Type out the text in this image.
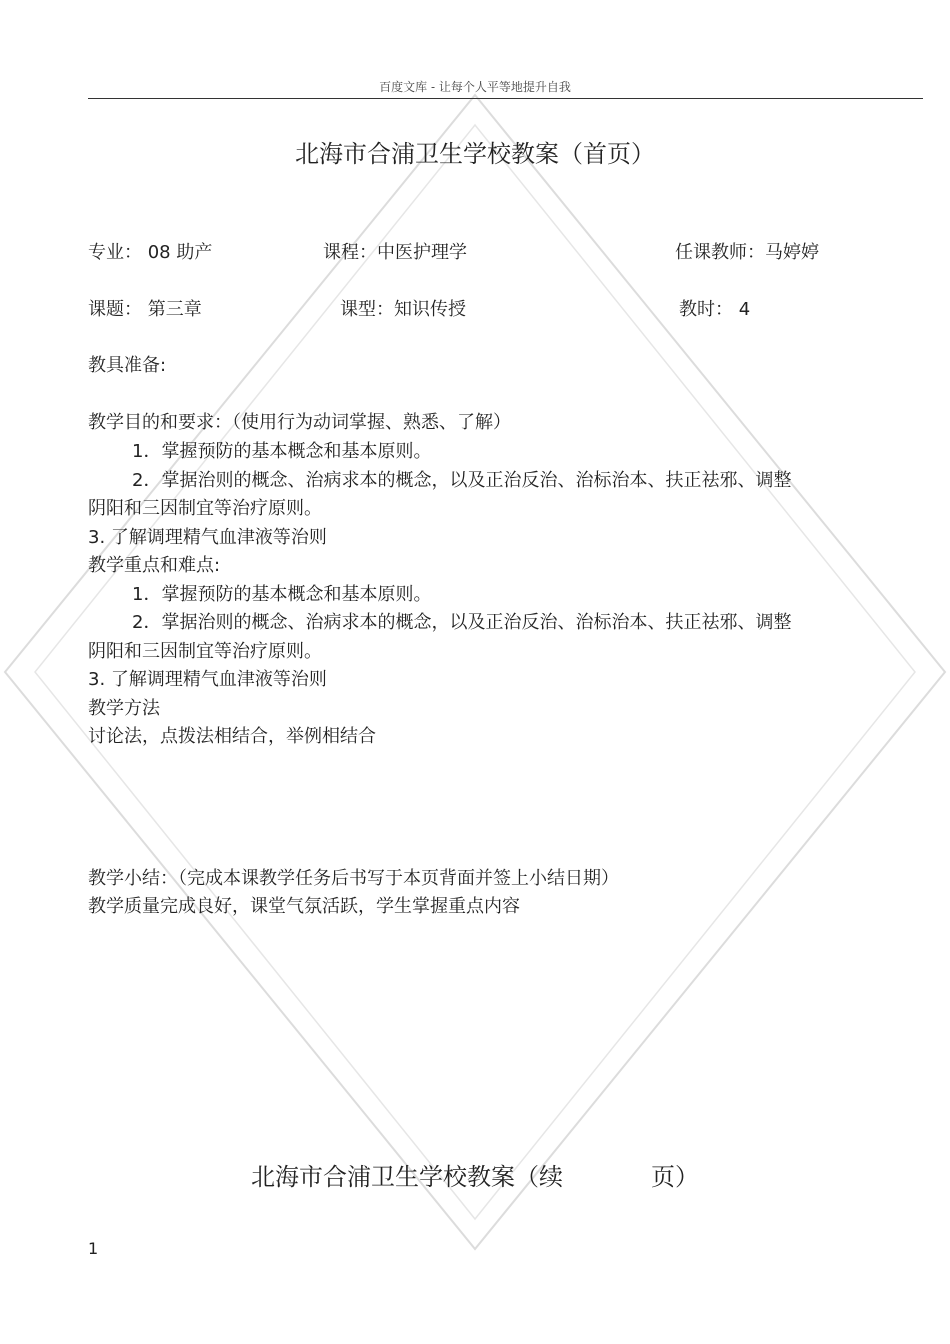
百度文库 - 让每个人平等地提升自我
北海市合浦卫生学校教案（首页）
专业： 08 助产	课程：中医护理学	任课教师：马婷婷
课题： 第三章	课型：知识传授	教时： 4
教具准备:
教学目的和要求：（使用行为动词掌握、熟悉、了解）
1．掌握预防的基本概念和基本原则。
2．掌据治则的概念、治病求本的概念，以及正治反治、治标治本、扶正祛邪、调整
阴阳和三因制宜等治疗原则。
3. 了解调理精气血津液等治则
教学重点和难点:
1．掌握预防的基本概念和基本原则。
2．掌据治则的概念、治病求本的概念，以及正治反治、治标治本、扶正祛邪、调整
阴阳和三因制宜等治疗原则。
3. 了解调理精气血津液等治则
教学方法
讨论法，点拨法相结合，举例相结合
教学小结：（完成本课教学任务后书写于本页背面并签上小结日期）
教学质量完成良好，课堂气氛活跃，学生掌握重点内容
北海市合浦卫生学校教案（续	页）
1
